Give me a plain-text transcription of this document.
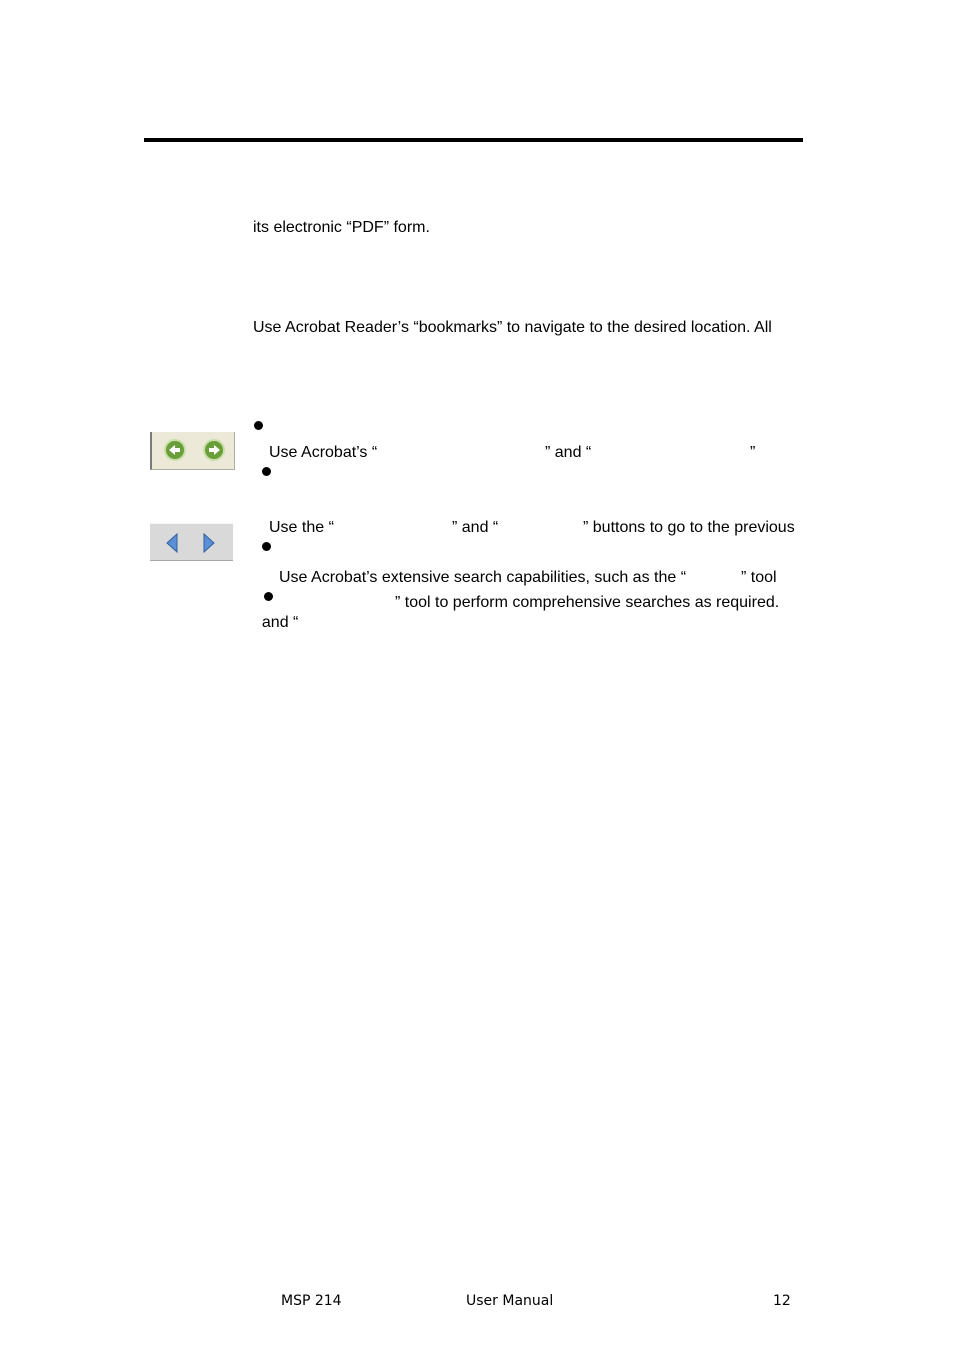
its electronic “PDF” form.
Use Acrobat Reader’s “bookmarks” to navigate to the desired location. All

Use Acrobat’s “	” and “	”

Use the “	” and “	” buttons to go to the previous

Use Acrobat’s extensive search capabilities, such as the “	” tool

and “
” tool to perform comprehensive searches as required.

MSP 214	User Manual	12
